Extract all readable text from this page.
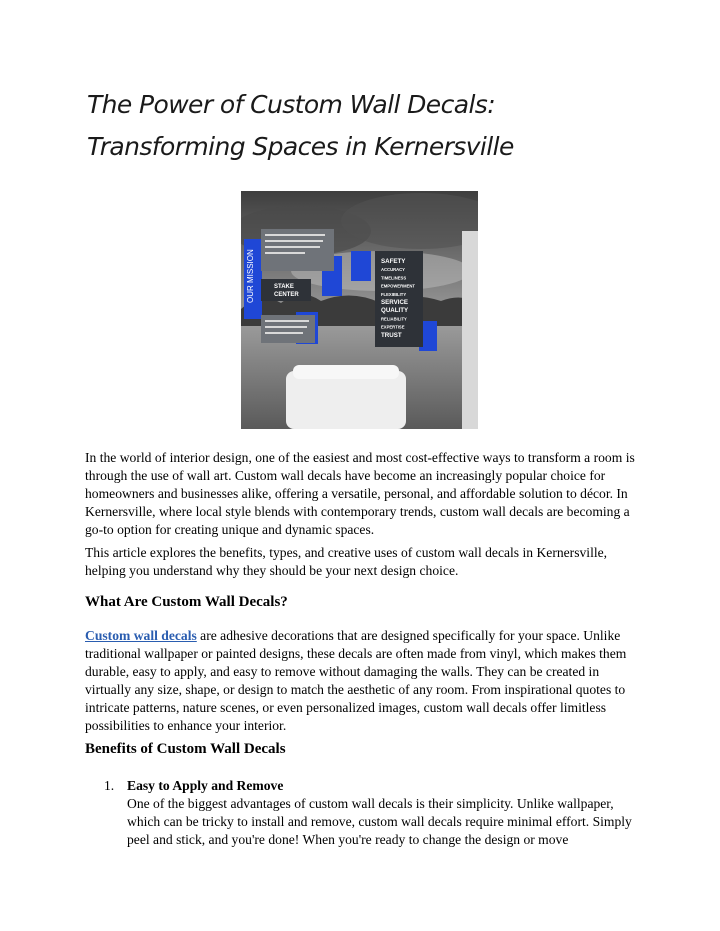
The Power of Custom Wall Decals:
Transforming Spaces in Kernersville
OUR MISSION	STAKE
CENTER
SAFETY
ACCURACY
TIMELINESS
EMPOWERMENT
FLEXIBILITY
SERVICE
QUALITY
RELIABILITY
EXPERTISE
TRUST

In the world of interior design, one of the easiest and most cost-effective ways to transform a room is through the use of wall art. Custom wall decals have become an increasingly popular choice for homeowners and businesses alike, offering a versatile, personal, and affordable solution to décor. In Kernersville, where local style blends with contemporary trends, custom wall decals are becoming a go-to option for creating unique and dynamic spaces.

This article explores the benefits, types, and creative uses of custom wall decals in Kernersville, helping you understand why they should be your next design choice.

What Are Custom Wall Decals?

Custom wall decals are adhesive decorations that are designed specifically for your space. Unlike traditional wallpaper or painted designs, these decals are often made from vinyl, which makes them durable, easy to apply, and easy to remove without damaging the walls. They can be created in virtually any size, shape, or design to match the aesthetic of any room. From inspirational quotes to intricate patterns, nature scenes, or even personalized images, custom wall decals offer limitless possibilities to enhance your interior.

Benefits of Custom Wall Decals
1. Easy to Apply and Remove
One of the biggest advantages of custom wall decals is their simplicity. Unlike wallpaper, which can be tricky to install and remove, custom wall decals require minimal effort. Simply peel and stick, and you're done! When you're ready to change the design or move
